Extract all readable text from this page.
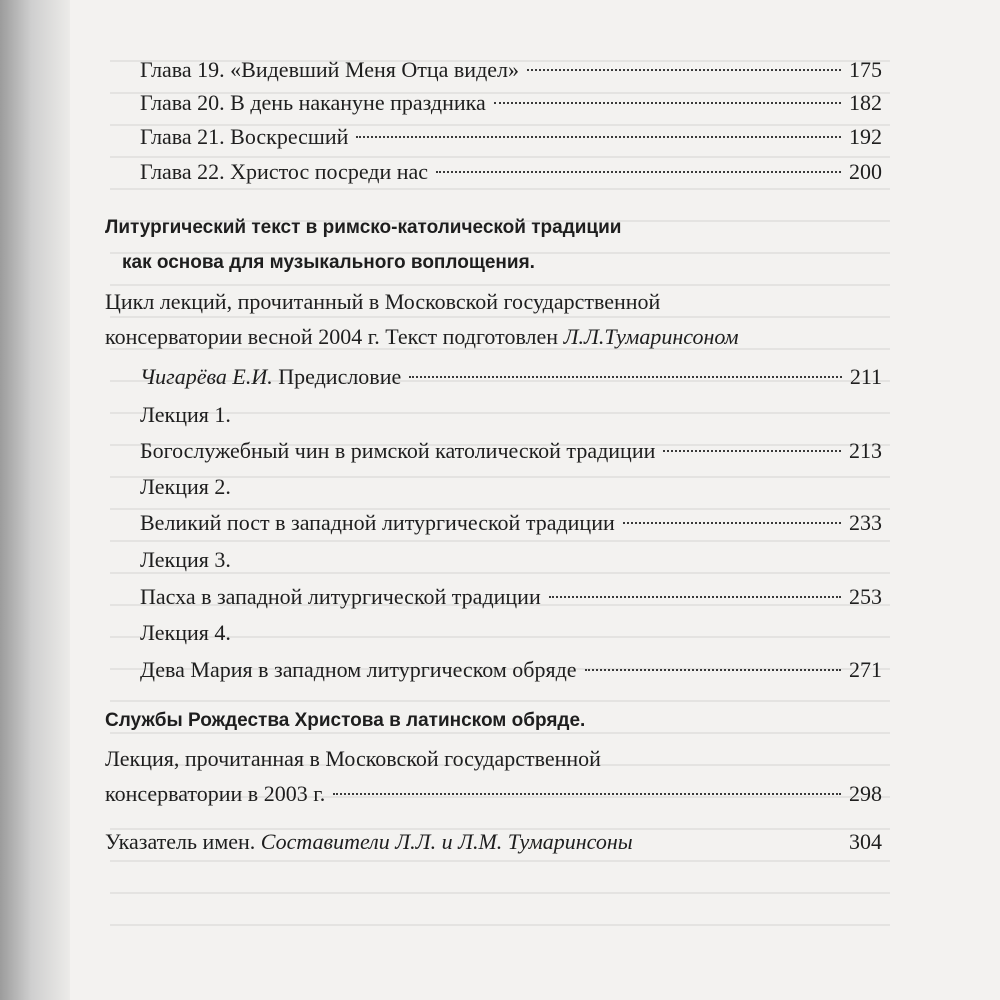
Глава 19. «Видевший Меня Отца видел»	175
Глава 20. В день накануне праздника	182
Глава 21. Воскресший	192
Глава 22. Христос посреди нас	200
Литургический текст в римско-католической традиции
как основа для музыкального воплощения.
Цикл лекций, прочитанный в Московской государственной
консерватории весной 2004 г. Текст подготовлен Л.Л.Тумаринсоном
Чигарёва Е.И. Предисловие	211
Лекция 1.
Богослужебный чин в римской католической традиции	213
Лекция 2.
Великий пост в западной литургической традиции	233
Лекция 3.
Пасха в западной литургической традиции	253
Лекция 4.
Дева Мария в западном литургическом обряде	271
Службы Рождества Христова в латинском обряде.
Лекция, прочитанная в Московской государственной
консерватории в 2003 г.	298
Указатель имен. Составители Л.Л. и Л.М. Тумаринсоны	304
